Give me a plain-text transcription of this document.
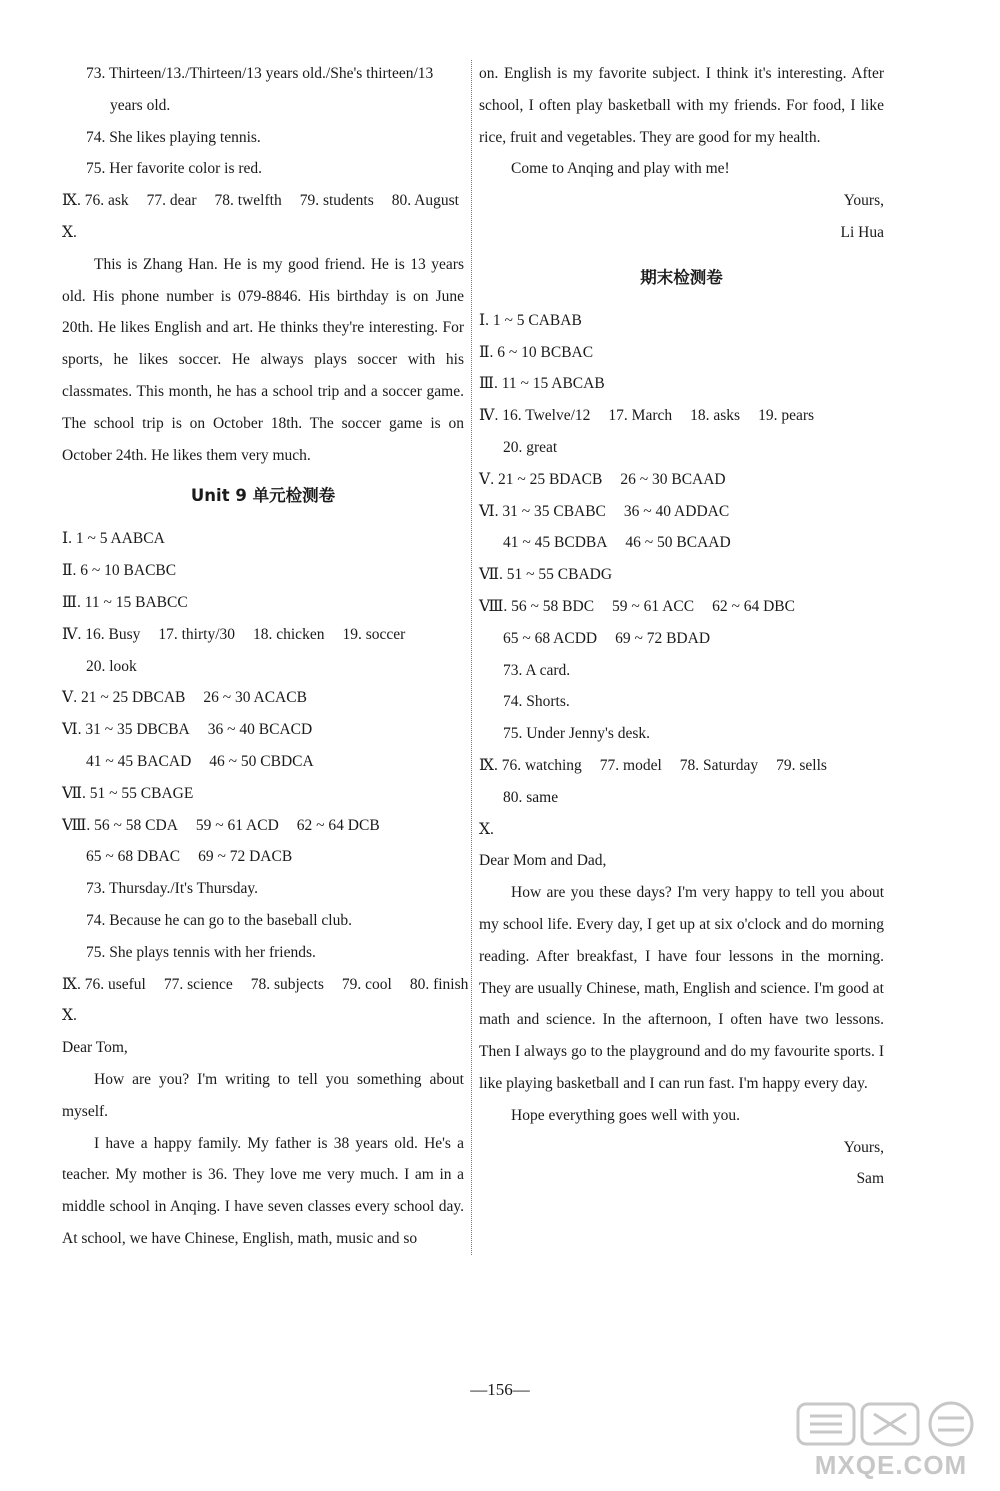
73. Thirteen/13./Thirteen/13 years old./She's thirteen/13
years old.
74. She likes playing tennis.
75. Her favorite color is red.
Ⅸ. 76. ask 77. dear 78. twelfth 79. students 80. August
Ⅹ.
This is Zhang Han. He is my good friend. He is 13 years old. His phone number is 079-8846. His birthday is on June 20th. He likes English and art. He thinks they're interesting. For sports, he likes soccer. He always plays soccer with his classmates. This month, he has a school trip and a soccer game. The school trip is on October 18th. The soccer game is on October 24th. He likes them very much.
Unit 9 单元检测卷
Ⅰ. 1 ~ 5 AABCA
Ⅱ. 6 ~ 10 BACBC
Ⅲ. 11 ~ 15 BABCC
Ⅳ. 16. Busy 17. thirty/30 18. chicken 19. soccer
20. look
Ⅴ. 21 ~ 25 DBCAB 26 ~ 30 ACACB
Ⅵ. 31 ~ 35 DBCBA 36 ~ 40 BCACD
41 ~ 45 BACAD 46 ~ 50 CBDCA
Ⅶ. 51 ~ 55 CBAGE
Ⅷ. 56 ~ 58 CDA 59 ~ 61 ACD 62 ~ 64 DCB
65 ~ 68 DBAC 69 ~ 72 DACB
73. Thursday./It's Thursday.
74. Because he can go to the baseball club.
75. She plays tennis with her friends.
Ⅸ. 76. useful 77. science 78. subjects 79. cool 80. finish
Ⅹ.
Dear Tom,
How are you? I'm writing to tell you something about myself.
I have a happy family. My father is 38 years old. He's a teacher. My mother is 36. They love me very much. I am in a middle school in Anqing. I have seven classes every school day. At school, we have Chinese, English, math, music and so
on. English is my favorite subject. I think it's interesting. After school, I often play basketball with my friends. For food, I like rice, fruit and vegetables. They are good for my health.
Come to Anqing and play with me!
Yours,
Li Hua
期末检测卷
Ⅰ. 1 ~ 5 CABAB
Ⅱ. 6 ~ 10 BCBAC
Ⅲ. 11 ~ 15 ABCAB
Ⅳ. 16. Twelve/12 17. March 18. asks 19. pears
20. great
Ⅴ. 21 ~ 25 BDACB 26 ~ 30 BCAAD
Ⅵ. 31 ~ 35 CBABC 36 ~ 40 ADDAC
41 ~ 45 BCDBA 46 ~ 50 BCAAD
Ⅶ. 51 ~ 55 CBADG
Ⅷ. 56 ~ 58 BDC 59 ~ 61 ACC 62 ~ 64 DBC
65 ~ 68 ACDD 69 ~ 72 BDAD
73. A card.
74. Shorts.
75. Under Jenny's desk.
Ⅸ. 76. watching 77. model 78. Saturday 79. sells
80. same
Ⅹ.
Dear Mom and Dad,
How are you these days? I'm very happy to tell you about my school life. Every day, I get up at six o'clock and do morning reading. After breakfast, I have four lessons in the morning. They are usually Chinese, math, English and science. I'm good at math and science. In the afternoon, I often have two lessons. Then I always go to the playground and do my favourite sports. I like playing basketball and I can run fast. I'm happy every day.
Hope everything goes well with you.
Yours,
Sam
—156—
MXQE.COM
